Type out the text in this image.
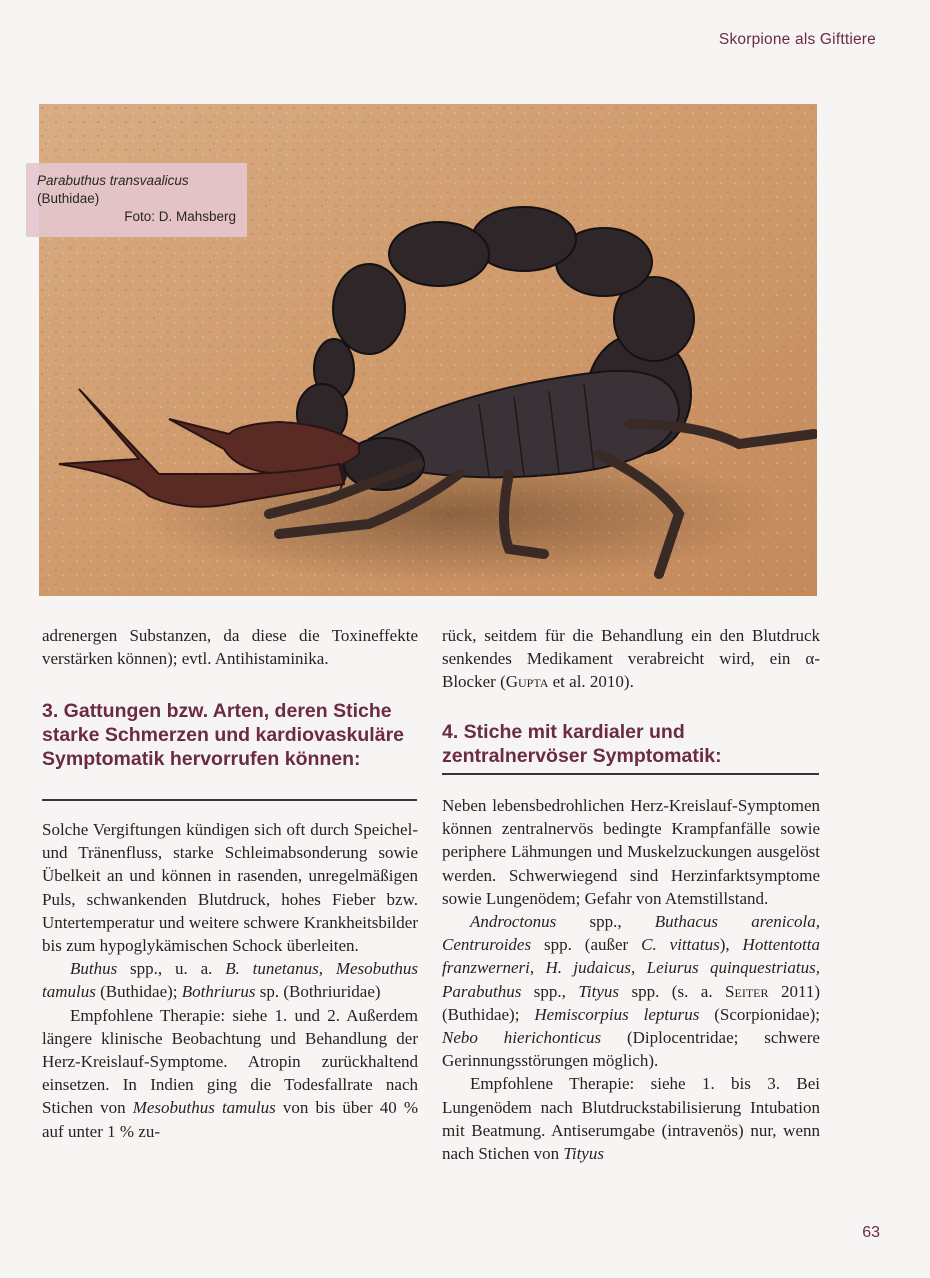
Skorpione als Gifttiere
Parabuthus transvaalicus
(Buthidae)
Foto: D. Mahsberg

adrenergen Substanzen, da diese die Toxineffekte verstärken können); evtl. Antihistaminika.

3. Gattungen bzw. Arten, deren Stiche starke Schmerzen und kardiovaskuläre Symptomatik hervorrufen können:

Solche Vergiftungen kündigen sich oft durch Speichel- und Tränenfluss, starke Schleimabsonderung sowie Übelkeit an und können in rasenden, unregelmäßigen Puls, schwankenden Blutdruck, hohes Fieber bzw. Untertemperatur und weitere schwere Krankheitsbilder bis zum hypoglykämischen Schock überleiten.

Buthus spp., u. a. B. tunetanus, Mesobuthus tamulus (Buthidae); Bothriurus sp. (Bothriuridae)

Empfohlene Therapie: siehe 1. und 2. Außerdem längere klinische Beobachtung und Behandlung der Herz-Kreislauf-Symptome. Atropin zurückhaltend einsetzen. In Indien ging die Todesfallrate nach Stichen von Mesobuthus tamulus von bis über 40 % auf unter 1 % zu-

rück, seitdem für die Behandlung ein den Blutdruck senkendes Medikament verabreicht wird, ein α-Blocker (Gupta et al. 2010).

4. Stiche mit kardialer und zentralnervöser Symptomatik:

Neben lebensbedrohlichen Herz-Kreislauf-Symptomen können zentralnervös bedingte Krampfanfälle sowie periphere Lähmungen und Muskelzuckungen ausgelöst werden. Schwerwiegend sind Herzinfarktsymptome sowie Lungenödem; Gefahr von Atemstillstand.

Androctonus spp., Buthacus arenicola, Centruroides spp. (außer C. vittatus), Hottentotta franzwerneri, H. judaicus, Leiurus quinquestriatus, Parabuthus spp., Tityus spp. (s. a. Seiter 2011) (Buthidae); Hemiscorpius lepturus (Scorpionidae); Nebo hierichonticus (Diplocentridae; schwere Gerinnungsstörungen möglich).

Empfohlene Therapie: siehe 1. bis 3. Bei Lungenödem nach Blutdruckstabilisierung Intubation mit Beatmung. Antiserumgabe (intravenös) nur, wenn nach Stichen von Tityus

63
